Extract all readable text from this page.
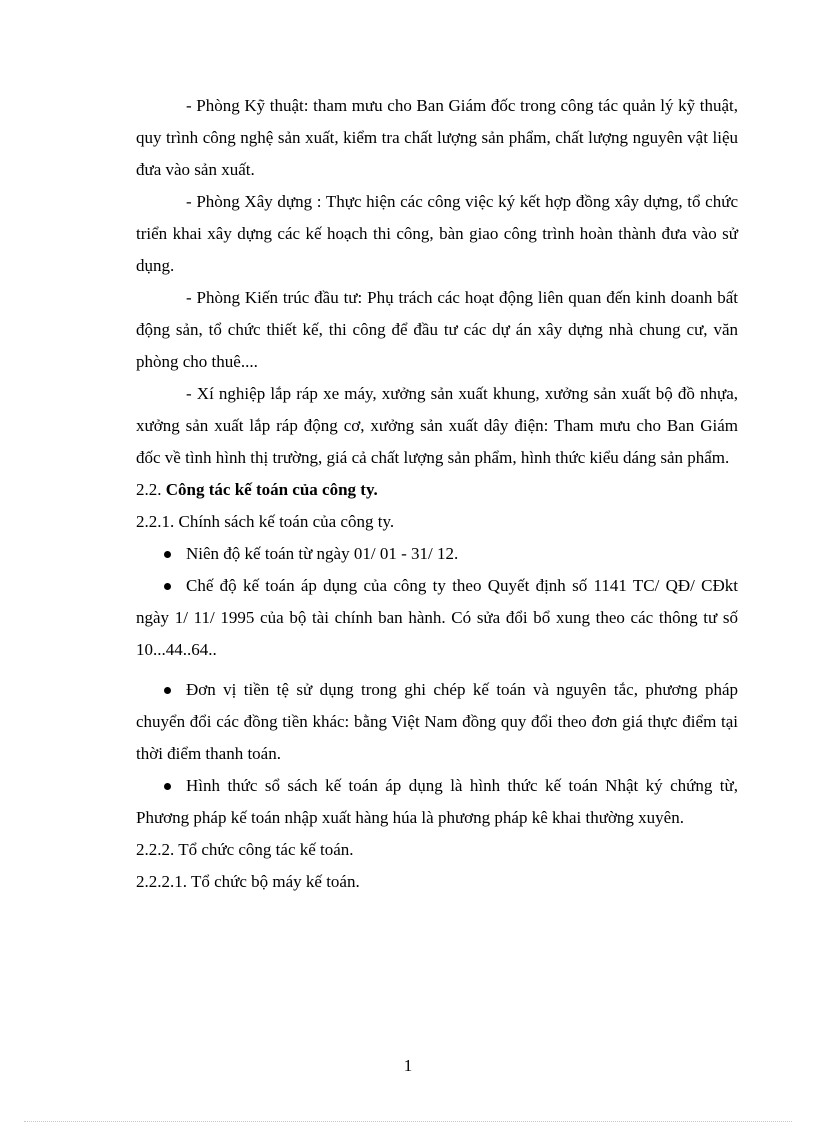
- Phòng Kỹ thuật: tham mưu cho Ban Giám đốc trong công tác quản lý kỹ thuật, quy trình công nghệ sản xuất, kiểm tra chất lượng sản phẩm, chất lượng nguyên vật liệu đưa vào sản xuất.

- Phòng Xây dựng : Thực hiện các công việc ký kết hợp đồng xây dựng, tổ chức triển khai xây dựng các kế hoạch thi công, bàn giao công trình hoàn thành đưa vào sử dụng.

- Phòng Kiến trúc đầu tư: Phụ trách các hoạt động liên quan đến kinh doanh bất động sản, tổ chức thiết kế, thi công để đầu tư các dự án xây dựng nhà chung cư, văn phòng cho thuê....

- Xí nghiệp lắp ráp xe máy, xưởng sản xuất khung, xưởng sản xuất bộ đồ nhựa, xưởng sản xuất lắp ráp động cơ, xưởng sản xuất dây điện: Tham mưu cho Ban Giám đốc về tình hình thị trường, giá cả chất lượng sản phẩm, hình thức kiểu dáng sản phẩm.

2.2. Công tác kế toán của công ty.

2.2.1. Chính sách kế toán của công ty.

Niên độ kế toán từ ngày 01/ 01 - 31/ 12.

Chế độ kế toán áp dụng của công ty theo Quyết định số 1141 TC/ QĐ/ CĐkt ngày 1/ 11/ 1995 của bộ tài chính ban hành. Có sửa đổi bổ xung theo các thông tư số 10...44..64..

Đơn vị tiền tệ sử dụng trong ghi chép kế toán và nguyên tắc, phương pháp chuyển đổi các đồng tiền khác: bằng Việt Nam đồng quy đổi theo đơn giá thực điểm tại thời điểm thanh toán.

Hình thức sổ sách kế toán áp dụng là hình thức kế toán Nhật ký chứng từ, Phương pháp kế toán nhập xuất hàng húa là phương pháp kê khai thường xuyên.

2.2.2. Tổ chức công tác kế toán.

2.2.2.1. Tổ chức bộ máy kế toán.

1
